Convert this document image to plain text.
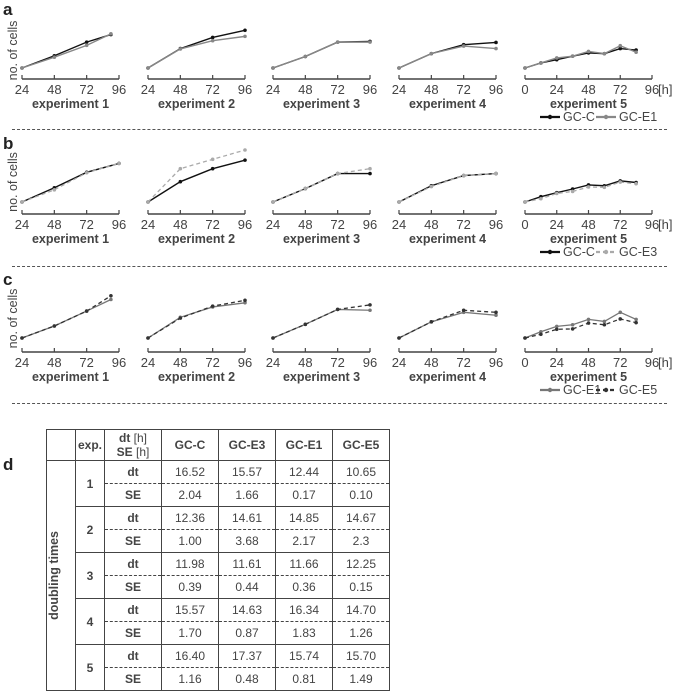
a
b
c
d
no. of cells
24 48 72 96
experiment 1
24 48 72 96
experiment 2
24 48 72 96
experiment 3
24 48 72 96
experiment 4
0 24 48 72 96
[h]
experiment 5
GC-C GC-E1
no. of cells
24 48 72 96
experiment 1
24 48 72 96
experiment 2
24 48 72 96
experiment 3
24 48 72 96
experiment 4
0 24 48 72 96
[h]
experiment 5
GC-C GC-E3
no. of cells
24 48 72 96
experiment 1
24 48 72 96
experiment 2
24 48 72 96
experiment 3
24 48 72 96
experiment 4
0 24 48 72 96
[h]
experiment 5
GC-E1 GC-E5
	exp.	dt [h]
SE [h]	GC-C	GC-E3	GC-E1	GC-E5

doubling times	1	dt	16.52	15.57	12.44	10.65
		SE	2.04	1.66	0.17	0.10
	2	dt	12.36	14.61	14.85	14.67
		SE	1.00	3.68	2.17	2.3
	3	dt	11.98	11.61	11.66	12.25
		SE	0.39	0.44	0.36	0.15
	4	dt	15.57	14.63	16.34	14.70
		SE	1.70	0.87	1.83	1.26
	5	dt	16.40	17.37	15.74	15.70
		SE	1.16	0.48	0.81	1.49
